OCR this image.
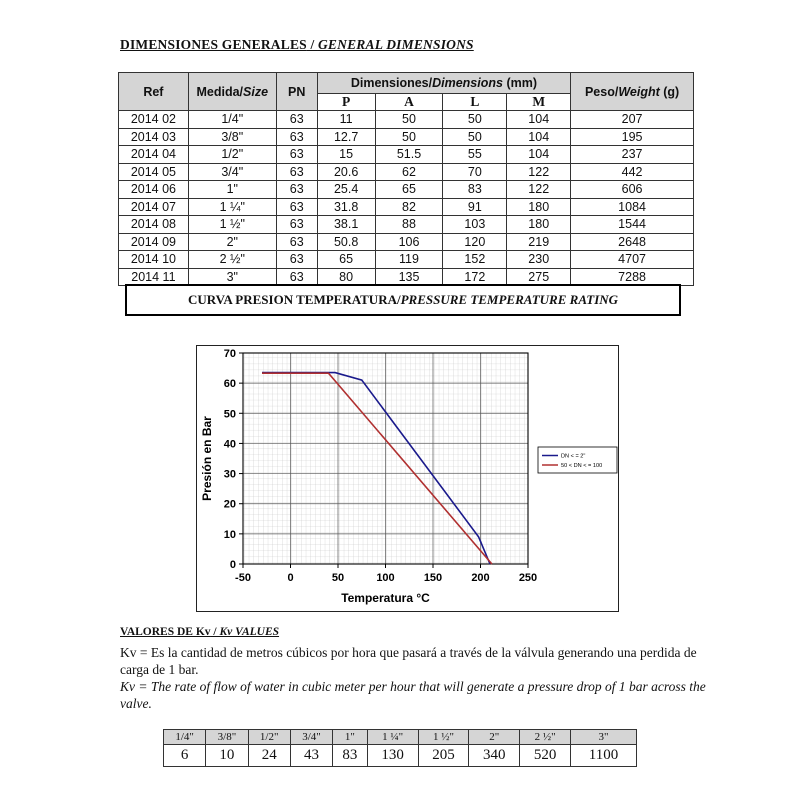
DIMENSIONES GENERALES / GENERAL DIMENSIONS
Ref	Medida/Size	PN	Dimensiones/Dimensions (mm)				Peso/Weight (g)
			P	A	L	M	
2014 02	1/4"	63	11	50	50	104	207
2014 03	3/8"	63	12.7	50	50	104	195
2014 04	1/2"	63	15	51.5	55	104	237
2014 05	3/4"	63	20.6	62	70	122	442
2014 06	1"	63	25.4	65	83	122	606
2014 07	1 ¼"	63	31.8	82	91	180	1084
2014 08	1 ½"	63	38.1	88	103	180	1544
2014 09	2"	63	50.8	106	120	219	2648
2014 10	2 ½"	63	65	119	152	230	4707
2014 11	3"	63	80	135	172	275	7288
CURVA PRESION TEMPERATURA / PRESSURE TEMPERATURE RATING
-50	0	50	100	150	200	250
0
10
20
30
40
50
60
70
Temperatura °C
Presión en Bar	DN < = 2"
50 < DN < = 100
VALORES DE Kv / Kv VALUES

Kv = Es la cantidad de metros cúbicos por hora que pasará a través de la válvula generando una perdida de carga de 1 bar.

Kv = The rate of flow of water in cubic meter per hour that will generate a pressure drop of 1 bar across the valve.

1/4"	3/8"	1/2"	3/4"	1"	1 ¼"	1 ½"	2"	2 ½"	3"
6	10	24	43	83	130	205	340	520	1100
